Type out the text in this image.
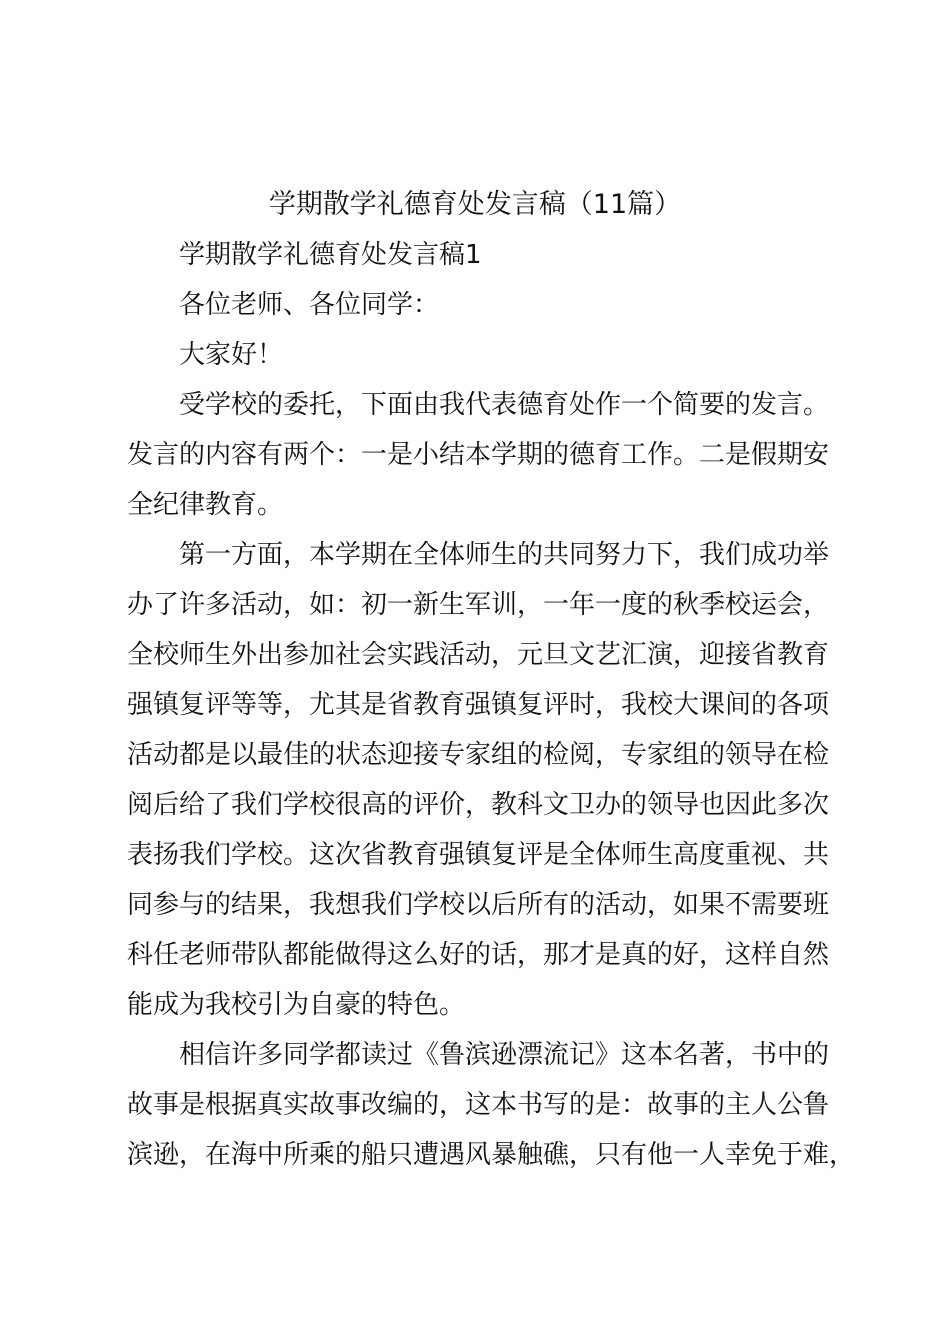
学期散学礼德育处发言稿（11篇）

学期散学礼德育处发言稿1

各位老师、各位同学：

大家好！

受学校的委托，下面由我代表德育处作一个简要的发言。
发言的内容有两个：一是小结本学期的德育工作。二是假期安
全纪律教育。

第一方面，本学期在全体师生的共同努力下，我们成功举
办了许多活动，如：初一新生军训，一年一度的秋季校运会，
全校师生外出参加社会实践活动，元旦文艺汇演，迎接省教育
强镇复评等等，尤其是省教育强镇复评时，我校大课间的各项
活动都是以最佳的状态迎接专家组的检阅，专家组的领导在检
阅后给了我们学校很高的评价，教科文卫办的领导也因此多次
表扬我们学校。这次省教育强镇复评是全体师生高度重视、共
同参与的结果，我想我们学校以后所有的活动，如果不需要班
科任老师带队都能做得这么好的话，那才是真的好，这样自然
能成为我校引为自豪的特色。

相信许多同学都读过《鲁滨逊漂流记》这本名著，书中的
故事是根据真实故事改编的，这本书写的是：故事的主人公鲁
滨逊，在海中所乘的船只遭遇风暴触礁，只有他一人幸免于难，
